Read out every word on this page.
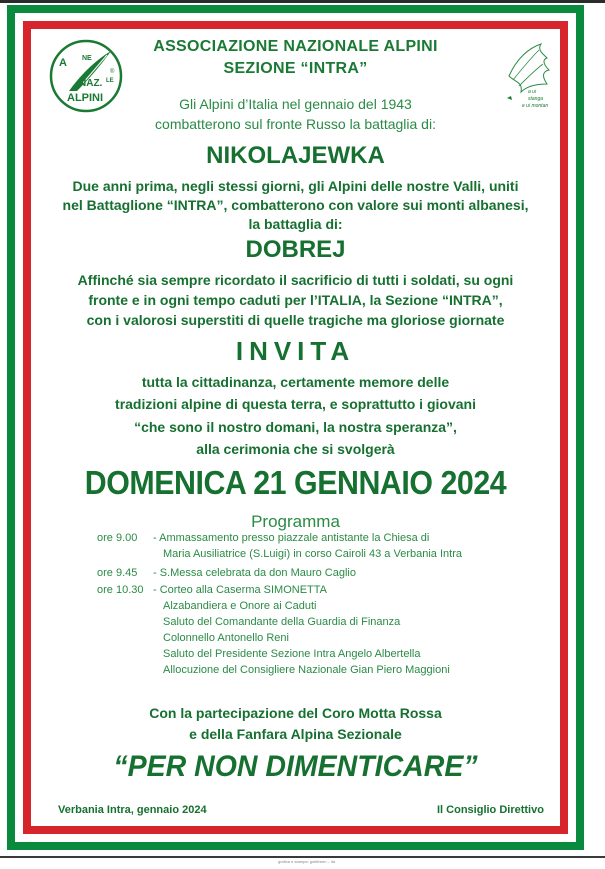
A NE
NAZ. LE
ALPINI
®
a ui
stanga
e ui montan
ASSOCIAZIONE NAZIONALE ALPINI
SEZIONE “INTRA”
Gli Alpini d’Italia nel gennaio del 1943
combatterono sul fronte Russo la battaglia di:
NIKOLAJEWKA
Due anni prima, negli stessi giorni, gli Alpini delle nostre Valli, uniti
nel Battaglione “INTRA”, combatterono con valore sui monti albanesi,
la battaglia di:
DOBREJ
Affinché sia sempre ricordato il sacrificio di tutti i soldati, su ogni
fronte e in ogni tempo caduti per l’ITALIA, la Sezione “INTRA”,
con i valorosi superstiti di quelle tragiche ma gloriose giornate
INVITA
tutta la cittadinanza, certamente memore delle
tradizioni alpine di questa terra, e soprattutto i giovani
“che sono il nostro domani, la nostra speranza”,
alla cerimonia che si svolgerà
DOMENICA 21 GENNAIO 2024
Programma
ore 9.00 - Ammassamento presso piazzale antistante la Chiesa di
Maria Ausiliatrice (S.Luigi) in corso Cairoli 43 a Verbania Intra
ore 9.45 - S.Messa celebrata da don Mauro Caglio
ore 10.30 - Corteo alla Caserma SIMONETTA
Alzabandiera e Onore ai Caduti
Saluto del Comandante della Guardia di Finanza
Colonnello Antonello Reni
Saluto del Presidente Sezione Intra Angelo Albertella
Allocuzione del Consigliere Nazionale Gian Piero Maggioni
Con la partecipazione del Coro Motta Rossa
e della Fanfara Alpina Sezionale
“PER NON DIMENTICARE”
Verbania Intra, gennaio 2024	Il Consiglio Direttivo
grafica e stampa: gottifreen – ita
